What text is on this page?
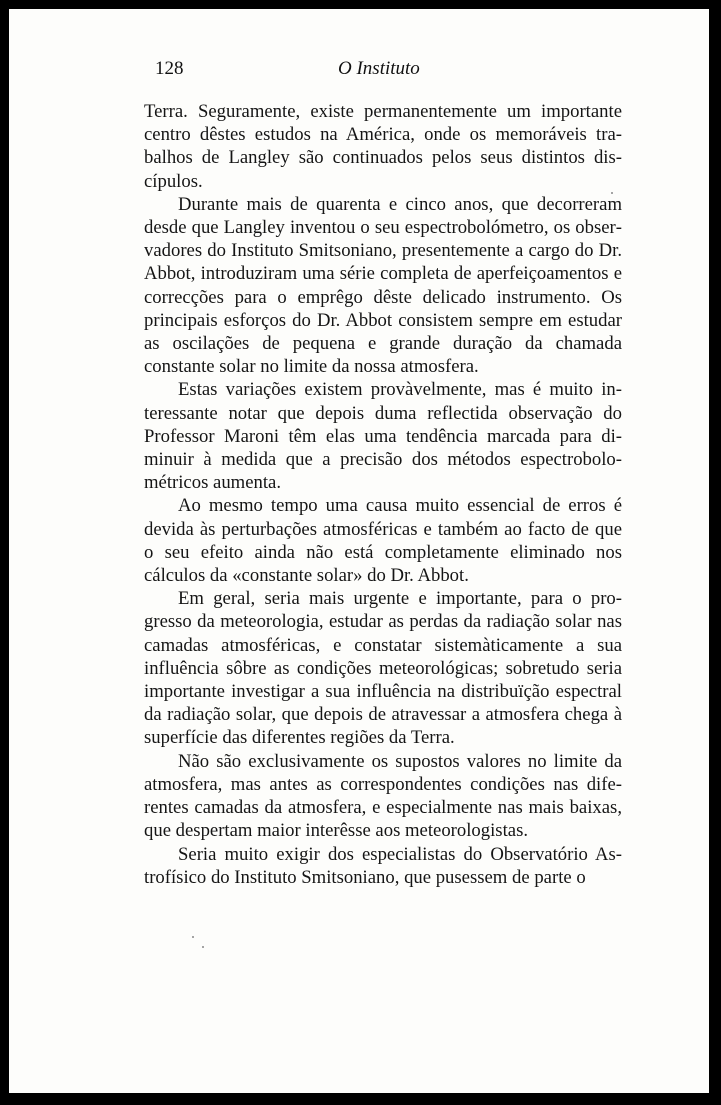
128	O Instituto

Terra. Seguramente, existe permanentemente um importante centro dêstes estudos na América, onde os memoráveis trabalhos de Langley são continuados pelos seus distintos discípulos.

Durante mais de quarenta e cinco anos, que decorreram desde que Langley inventou o seu espectrobolómetro, os observadores do Instituto Smitsoniano, presentemente a cargo do Dr. Abbot, introduziram uma série completa de aperfeiçoamentos e correcções para o emprêgo dêste delicado instrumento. Os principais esforços do Dr. Abbot consistem sempre em estudar as oscilações de pequena e grande duração da chamada constante solar no limite da nossa atmosfera.

Estas variações existem provàvelmente, mas é muito interessante notar que depois duma reflectida observação do Professor Maroni têm elas uma tendência marcada para diminuir à medida que a precisão dos métodos espectrobolométricos aumenta.

Ao mesmo tempo uma causa muito essencial de erros é devida às perturbações atmosféricas e também ao facto de que o seu efeito ainda não está completamente eliminado nos cálculos da «constante solar» do Dr. Abbot.

Em geral, seria mais urgente e importante, para o progresso da meteorologia, estudar as perdas da radiação solar nas camadas atmosféricas, e constatar sistemàticamente a sua influência sôbre as condições meteorológicas; sobretudo seria importante investigar a sua influência na distribuïção espectral da radiação solar, que depois de atravessar a atmosfera chega à superfície das diferentes regiões da Terra.

Não são exclusivamente os supostos valores no limite da atmosfera, mas antes as correspondentes condições nas diferentes camadas da atmosfera, e especialmente nas mais baixas, que despertam maior interêsse aos meteorologistas.

Seria muito exigir dos especialistas do Observatório Astrofísico do Instituto Smitsoniano, que pusessem de parte o
